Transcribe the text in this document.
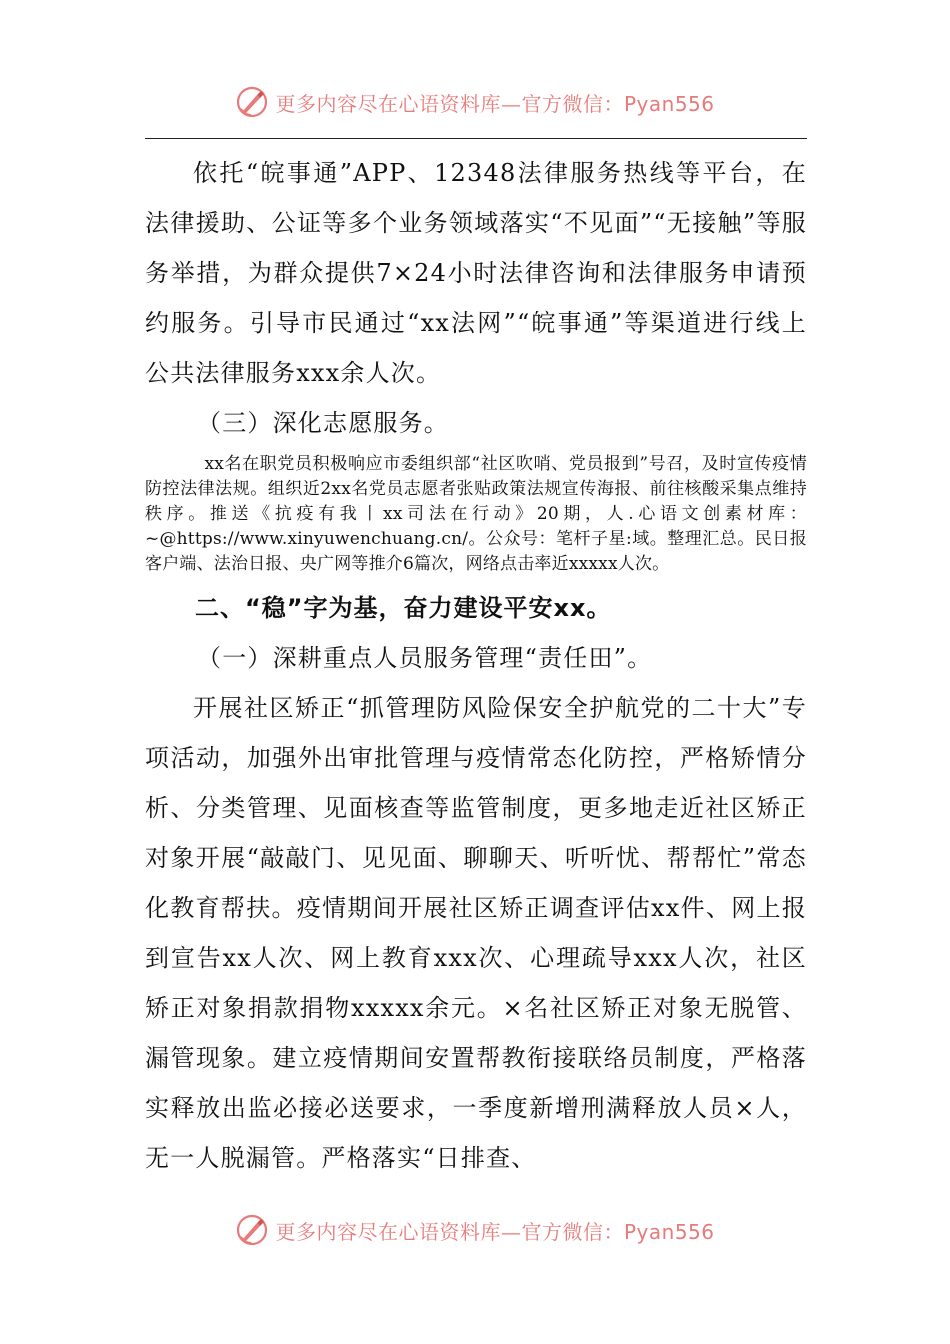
更多内容尽在心语资料库—官方微信：Pyan556

依托“皖事通”APP、12348法律服务热线等平台，在法律援助、公证等多个业务领域落实“不见面”“无接触”等服务举措，为群众提供7×24小时法律咨询和法律服务申请预约服务。引导市民通过“xx法网”“皖事通”等渠道进行线上公共法律服务xxx余人次。

（三）深化志愿服务。

xx名在职党员积极响应市委组织部“社区吹哨、党员报到”号召，及时宣传疫情防控法律法规。组织近2xx名党员志愿者张贴政策法规宣传海报、前往核酸采集点维持秩序。推送《抗疫有我丨xx司法在行动》20期，人.心语文创素材库：~@https://www.xinyuwenchuang.cn/。公众号：笔杆子星:域。整理汇总。民日报客户端、法治日报、央广网等推介6篇次，网络点击率近xxxxx人次。

二、“稳”字为基，奋力建设平安xx。

（一）深耕重点人员服务管理“责任田”。

开展社区矫正“抓管理防风险保安全护航党的二十大”专项活动，加强外出审批管理与疫情常态化防控，严格矫情分析、分类管理、见面核查等监管制度，更多地走近社区矫正对象开展“敲敲门、见见面、聊聊天、听听忧、帮帮忙”常态化教育帮扶。疫情期间开展社区矫正调查评估xx件、网上报到宣告xx人次、网上教育xxx次、心理疏导xxx人次，社区矫正对象捐款捐物xxxxx余元。×名社区矫正对象无脱管、漏管现象。建立疫情期间安置帮教衔接联络员制度，严格落实释放出监必接必送要求，一季度新增刑满释放人员×人，无一人脱漏管。严格落实“日排查、

更多内容尽在心语资料库—官方微信：Pyan556
